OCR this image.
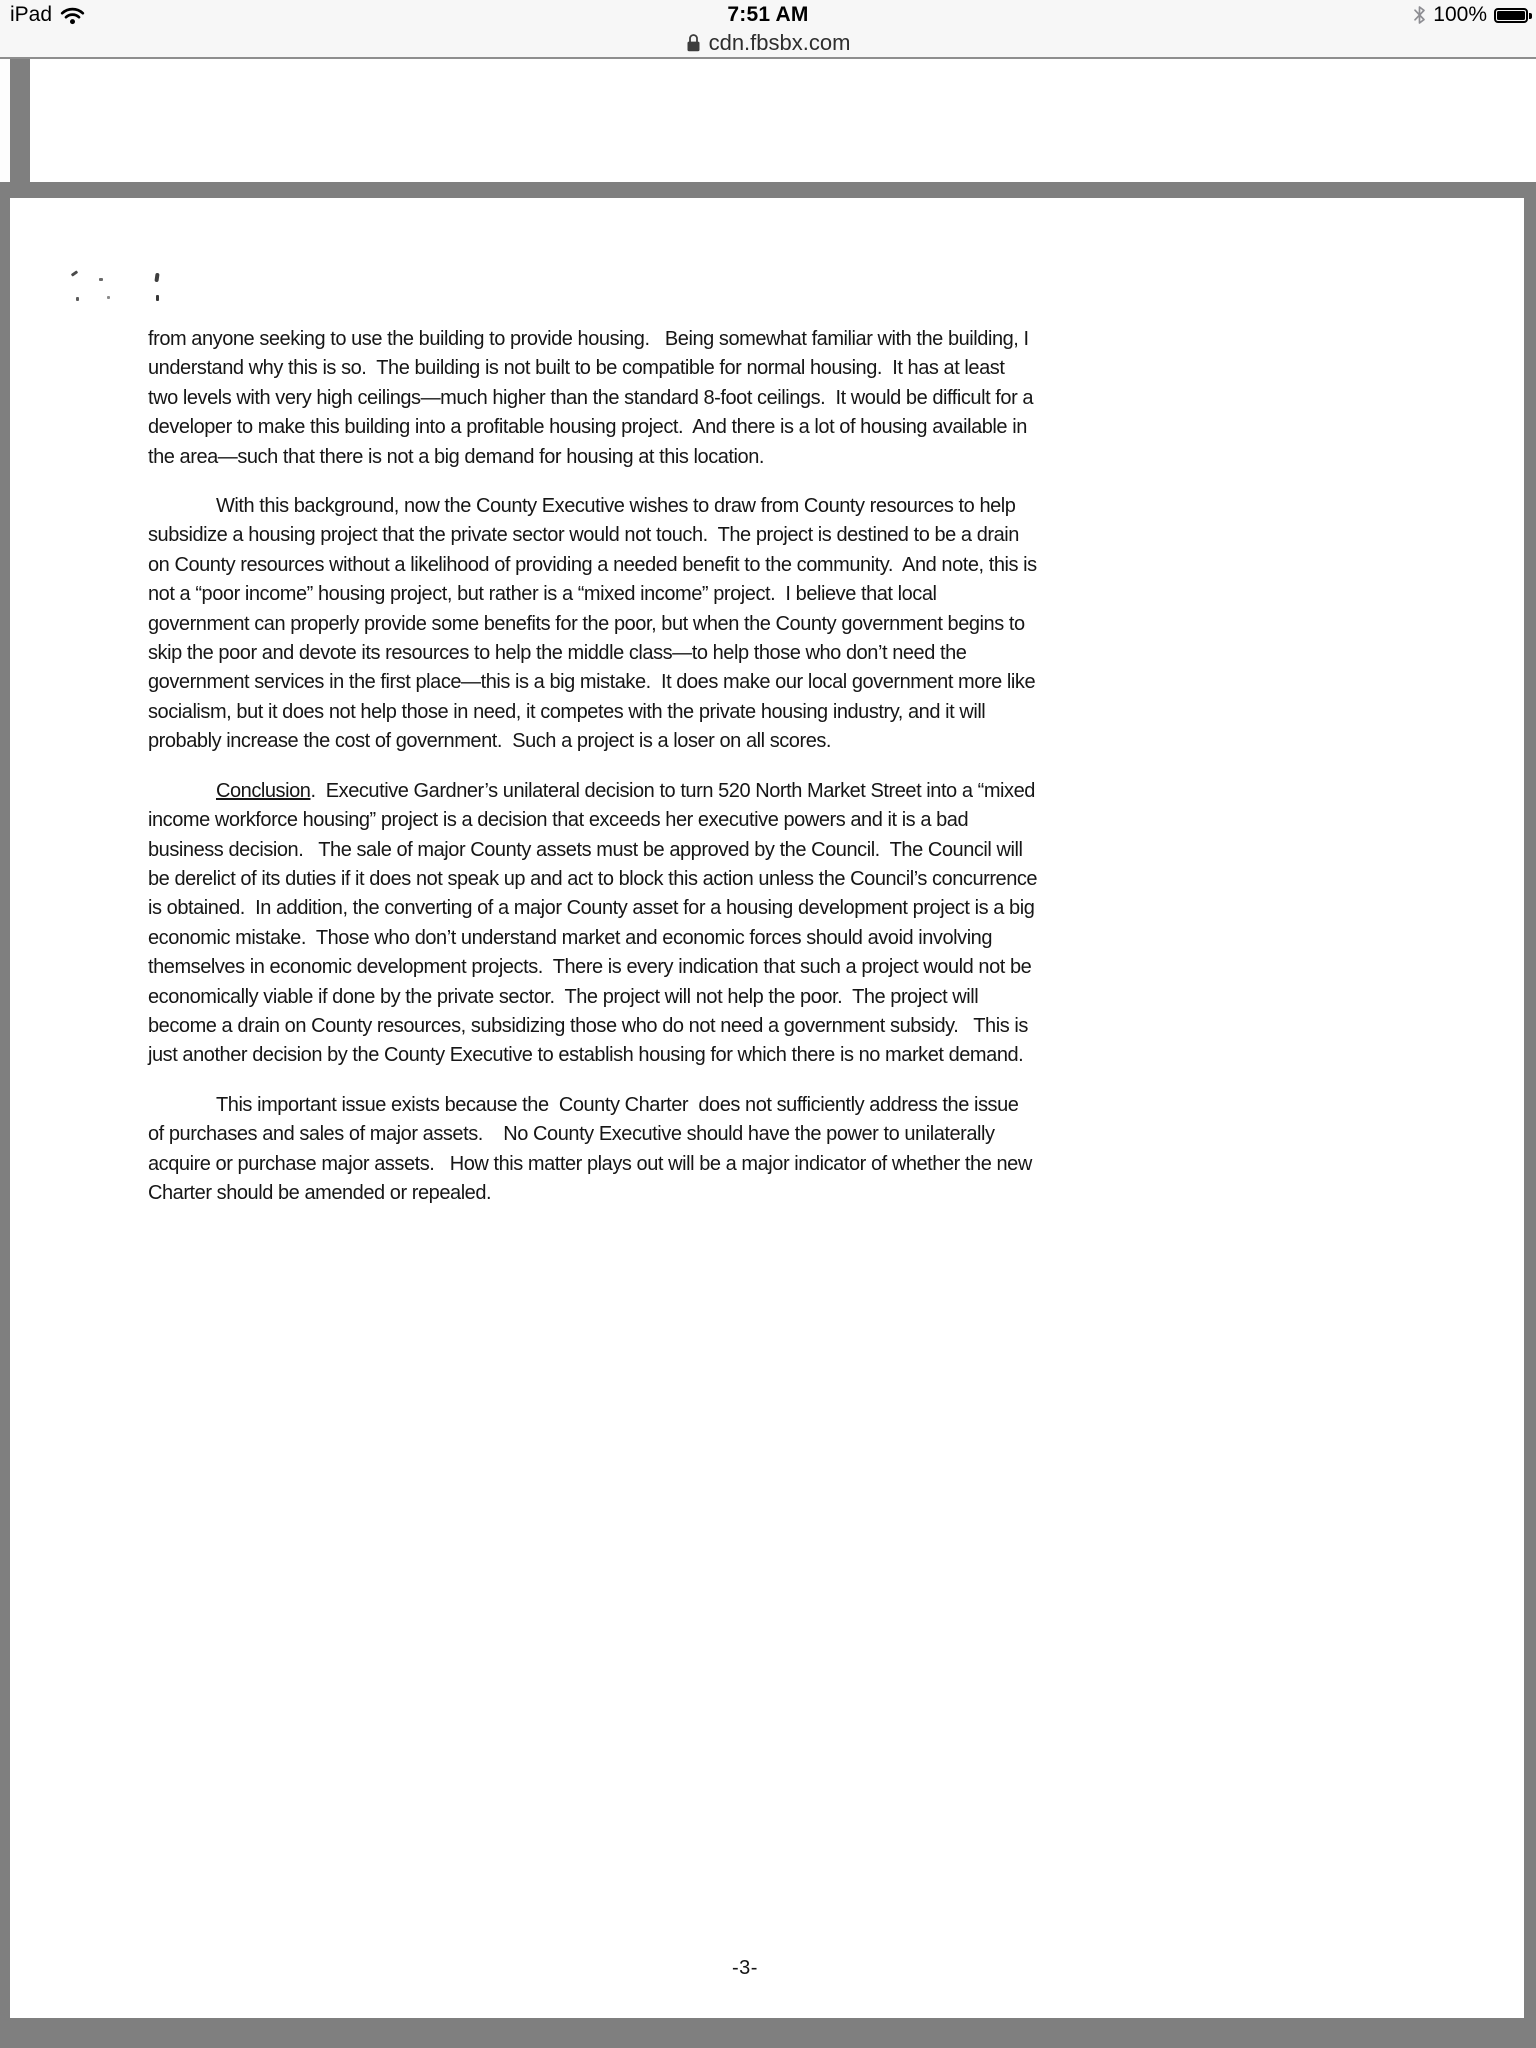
iPad	7:51 AM	100%
cdn.fbsbx.com

from anyone seeking to use the building to provide housing.   Being somewhat familiar with the building, I understand why this is so.  The building is not built to be compatible for normal housing.  It has at least two levels with very high ceilings—much higher than the standard 8-foot ceilings.  It would be difficult for a developer to make this building into a profitable housing project.  And there is a lot of housing available in the area—such that there is not a big demand for housing at this location.

With this background, now the County Executive wishes to draw from County resources to help subsidize a housing project that the private sector would not touch.  The project is destined to be a drain on County resources without a likelihood of providing a needed benefit to the community.  And note, this is not a “poor income” housing project, but rather is a “mixed income” project.  I believe that local government can properly provide some benefits for the poor, but when the County government begins to skip the poor and devote its resources to help the middle class—to help those who don’t need the government services in the first place—this is a big mistake.  It does make our local government more like socialism, but it does not help those in need, it competes with the private housing industry, and it will probably increase the cost of government.  Such a project is a loser on all scores.

Conclusion.  Executive Gardner’s unilateral decision to turn 520 North Market Street into a “mixed income workforce housing” project is a decision that exceeds her executive powers and it is a bad business decision.   The sale of major County assets must be approved by the Council.  The Council will be derelict of its duties if it does not speak up and act to block this action unless the Council’s concurrence is obtained.  In addition, the converting of a major County asset for a housing development project is a big economic mistake.  Those who don’t understand market and economic forces should avoid involving themselves in economic development projects.  There is every indication that such a project would not be economically viable if done by the private sector.  The project will not help the poor.  The project will become a drain on County resources, subsidizing those who do not need a government subsidy.   This is just another decision by the County Executive to establish housing for which there is no market demand.

This important issue exists because the  County Charter  does not sufficiently address the issue of purchases and sales of major assets.    No County Executive should have the power to unilaterally acquire or purchase major assets.   How this matter plays out will be a major indicator of whether the new Charter should be amended or repealed.

-3-
